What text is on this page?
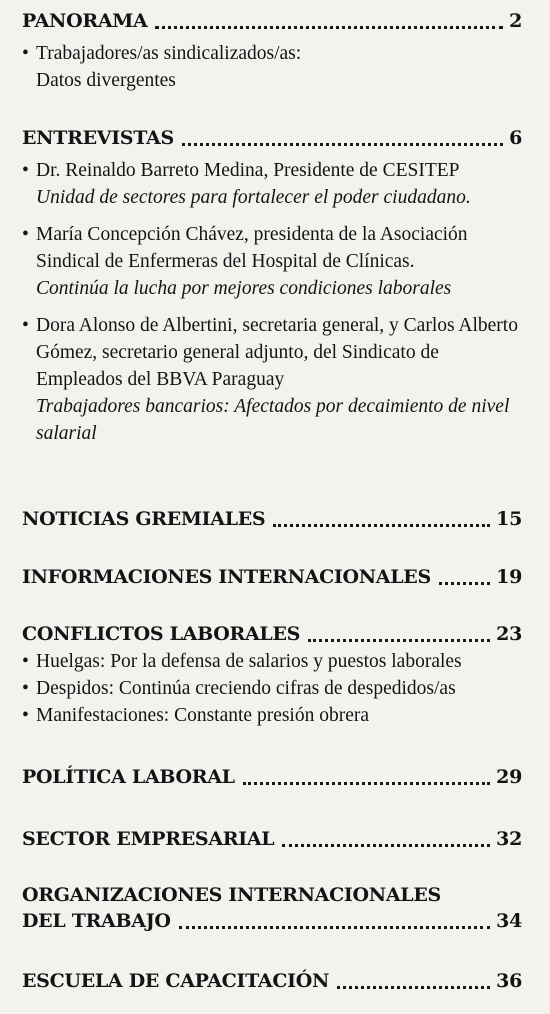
PANORAMA	2
• Trabajadores/as sindicalizados/as:
Datos divergentes
ENTREVISTAS	6
• Dr. Reinaldo Barreto Medina, Presidente de CESITEP
Unidad de sectores para fortalecer el poder ciudadano.
• María Concepción Chávez, presidenta de la Asociación Sindical de Enfermeras del Hospital de Clínicas.
Continúa la lucha por mejores condiciones laborales
• Dora Alonso de Albertini, secretaria general, y Carlos Alberto Gómez, secretario general adjunto, del Sindicato de Empleados del BBVA Paraguay
Trabajadores bancarios: Afectados por decaimiento de nivel salarial
NOTICIAS GREMIALES	15
INFORMACIONES INTERNACIONALES	19
CONFLICTOS LABORALES	23
• Huelgas: Por la defensa de salarios y puestos laborales
• Despidos: Continúa creciendo cifras de despedidos/as
• Manifestaciones: Constante presión obrera
POLÍTICA LABORAL	29
SECTOR EMPRESARIAL	32
ORGANIZACIONES INTERNACIONALES
DEL TRABAJO	34
ESCUELA DE CAPACITACIÓN	36
